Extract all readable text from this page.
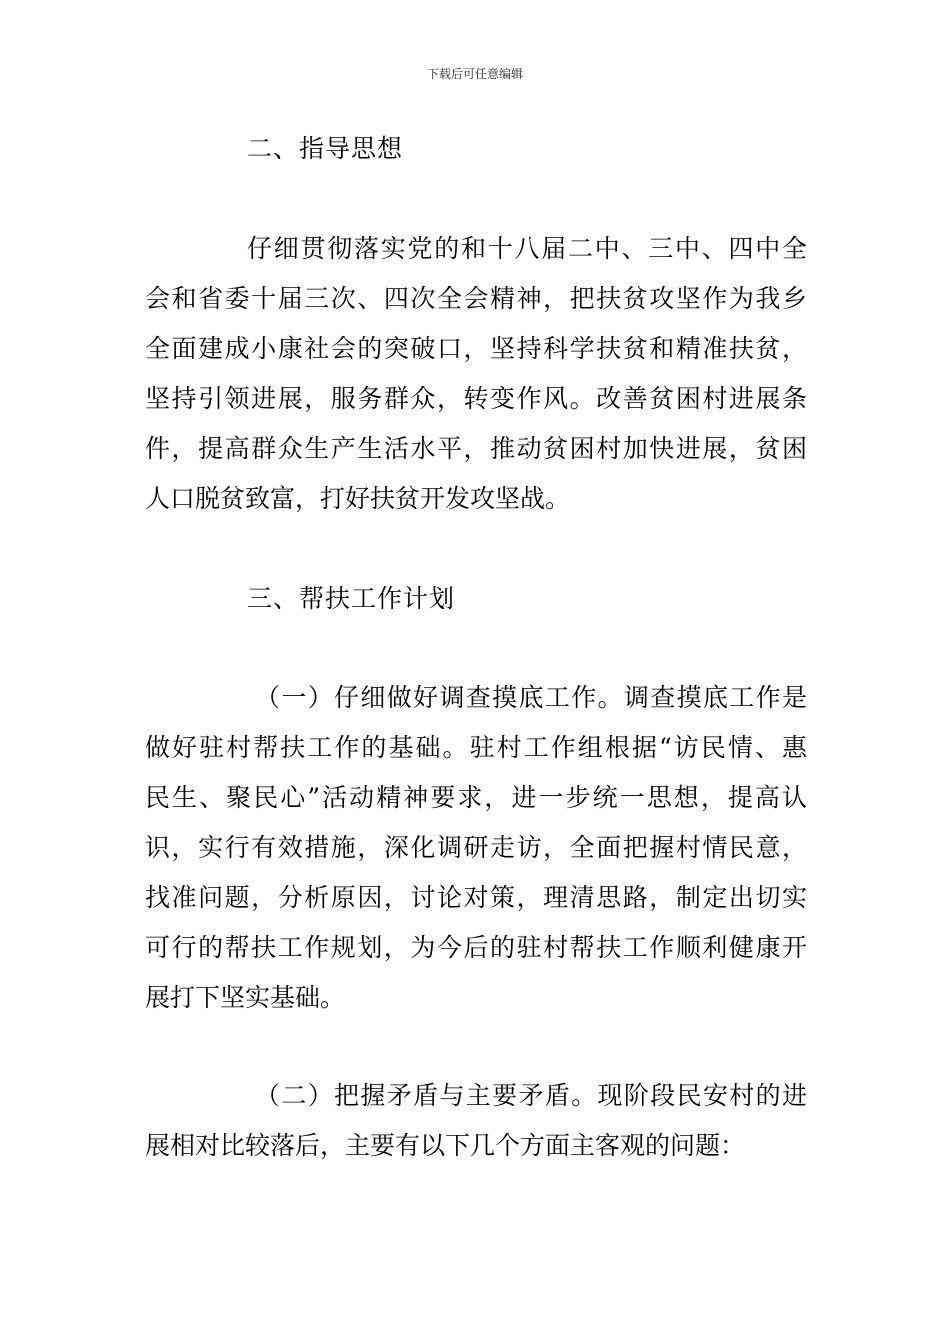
下载后可任意编辑
二、指导思想
仔细贯彻落实党的和十八届二中、三中、四中全
会和省委十届三次、四次全会精神，把扶贫攻坚作为我乡
全面建成小康社会的突破口，坚持科学扶贫和精准扶贫，
坚持引领进展，服务群众，转变作风。改善贫困村进展条
件，提高群众生产生活水平，推动贫困村加快进展，贫困
人口脱贫致富，打好扶贫开发攻坚战。
三、帮扶工作计划
（一）仔细做好调查摸底工作。调查摸底工作是
做好驻村帮扶工作的基础。驻村工作组根据“访民情、惠
民生、聚民心”活动精神要求，进一步统一思想，提高认
识，实行有效措施，深化调研走访，全面把握村情民意，
找准问题，分析原因，讨论对策，理清思路，制定出切实
可行的帮扶工作规划，为今后的驻村帮扶工作顺利健康开
展打下坚实基础。
（二）把握矛盾与主要矛盾。现阶段民安村的进
展相对比较落后，主要有以下几个方面主客观的问题：
